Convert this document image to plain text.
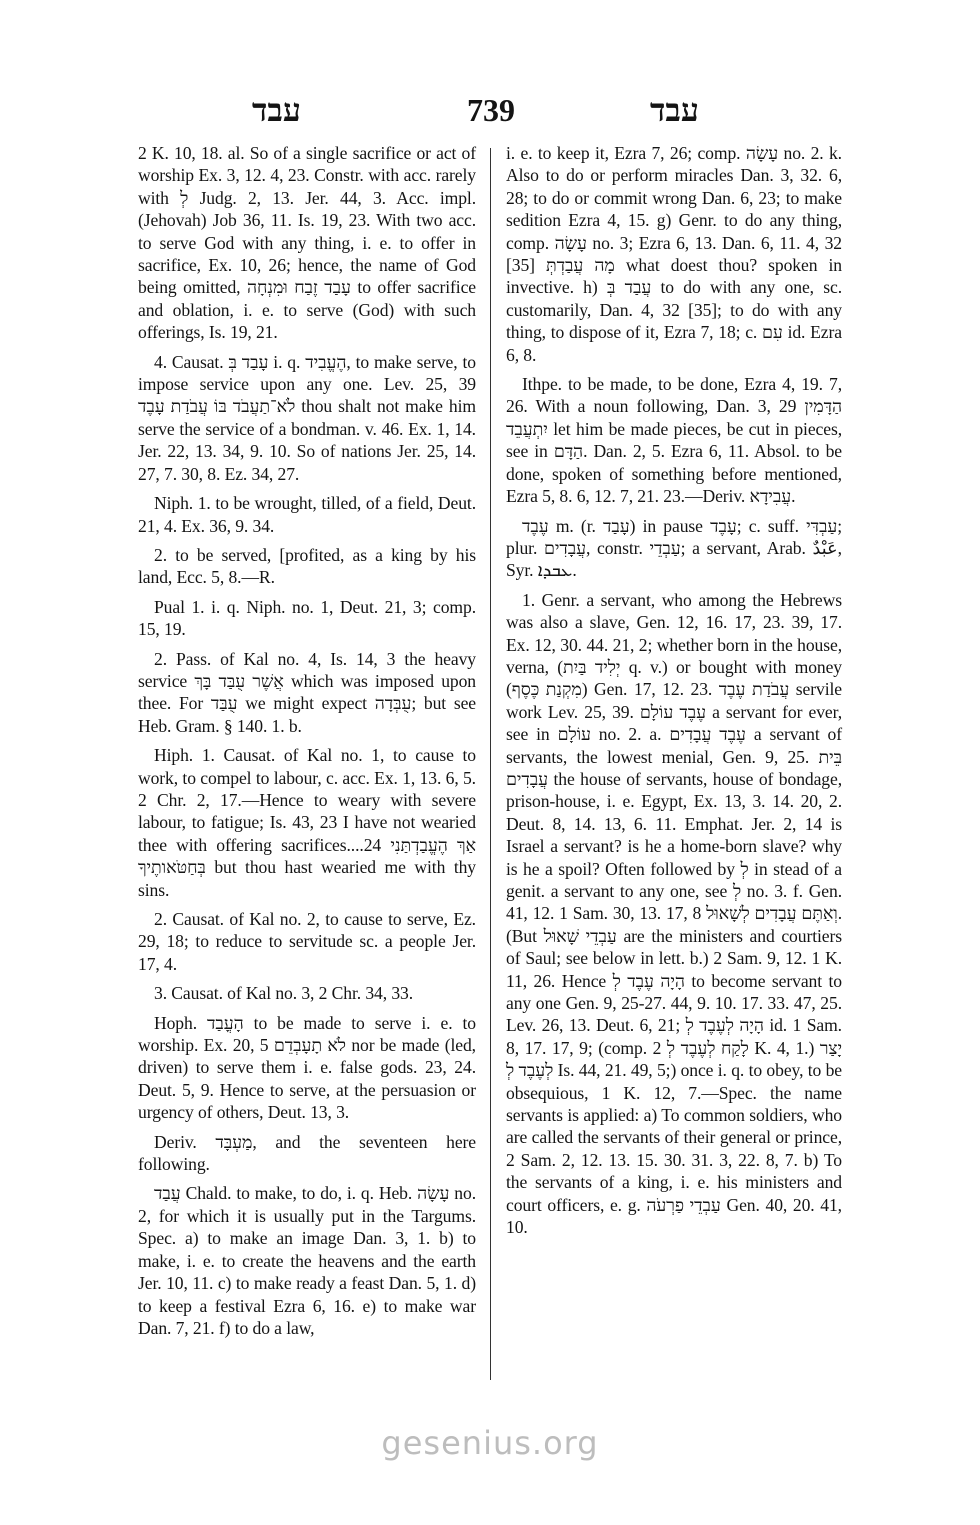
עבד	739	עבד

2 K. 10, 18. al. So of a single sacrifice or act of worship Ex. 3, 12. 4, 23. Constr. with acc. rarely with לְ Judg. 2, 13. Jer. 44, 3. Acc. impl. (Jehovah) Job 36, 11. Is. 19, 23. With two acc. to serve God with any thing, i. e. to offer in sacrifice, Ex. 10, 26; hence, the name of God being omitted, עָבַד זֶבַח וּמִנְחָה to offer sacrifice and oblation, i. e. to serve (God) with such offerings, Is. 19, 21.

4. Causat. עָבַד בְּ i. q. הֶעֱבִיד, to make serve, to impose service upon any one. Lev. 25, 39 לֹא־תַעֲבֹד בּוֹ עֲבֹדַת עָבֶד thou shalt not make him serve the service of a bondman. v. 46. Ex. 1, 14. Jer. 22, 13. 34, 9. 10. So of nations Jer. 25, 14. 27, 7. 30, 8. Ez. 34, 27.

Niph. 1. to be wrought, tilled, of a field, Deut. 21, 4. Ex. 36, 9. 34.

2. to be served, [profited, as a king by his land, Ecc. 5, 8.—R.

Pual 1. i. q. Niph. no. 1, Deut. 21, 3; comp. 15, 19.

2. Pass. of Kal no. 4, Is. 14, 3 the heavy service אֲשֶׁר עֻבַּד בָּךְ which was imposed upon thee. For עֻבַּד we might expect עֻבְּדָה; but see Heb. Gram. § 140. 1. b.

Hiph. 1. Causat. of Kal no. 1, to cause to work, to compel to labour, c. acc. Ex. 1, 13. 6, 5. 2 Chr. 2, 17.—Hence to weary with severe labour, to fatigue; Is. 43, 23 I have not wearied thee with offering sacrifices....24 אַךְ הֶעֱבַדְתַּנִי בְּחַטֹּאותֶיךָ but thou hast wearied me with thy sins.

2. Causat. of Kal no. 2, to cause to serve, Ez. 29, 18; to reduce to servitude sc. a people Jer. 17, 4.

3. Causat. of Kal no. 3, 2 Chr. 34, 33.

Hoph. הָעֳבַד to be made to serve i. e. to worship. Ex. 20, 5 לֹא תָעָבְדֵם nor be made (led, driven) to serve them i. e. false gods. 23, 24. Deut. 5, 9. Hence to serve, at the persuasion or urgency of others, Deut. 13, 3.

Deriv. מַעְבָּד, and the seventeen here following.

עֲבַד Chald. to make, to do, i. q. Heb. עָשָׂה no. 2, for which it is usually put in the Targums. Spec. a) to make an image Dan. 3, 1. b) to make, i. e. to create the heavens and the earth Jer. 10, 11. c) to make ready a feast Dan. 5, 1. d) to keep a festival Ezra 6, 16. e) to make war Dan. 7, 21. f) to do a law,

i. e. to keep it, Ezra 7, 26; comp. עָשָׂה no. 2. k. Also to do or perform miracles Dan. 3, 32. 6, 28; to do or commit wrong Dan. 6, 23; to make sedition Ezra 4, 15. g) Genr. to do any thing, comp. עָשָׂה no. 3; Ezra 6, 13. Dan. 6, 11. 4, 32 [35] מָה עֲבַדְתְּ what doest thou? spoken in invective. h) עֲבַד בְּ to do with any one, sc. customarily, Dan. 4, 32 [35]; to do with any thing, to dispose of it, Ezra 7, 18; c. עִם id. Ezra 6, 8.

Ithpe. to be made, to be done, Ezra 4, 19. 7, 26. With a noun following, Dan. 3, 29 הַדָּמִין יִתְעֲבֵד let him be made pieces, be cut in pieces, see in הַדָּם. Dan. 2, 5. Ezra 6, 11. Absol. to be done, spoken of something before mentioned, Ezra 5, 8. 6, 12. 7, 21. 23.—Deriv. עֲבִידָא.

עֶבֶד m. (r. עָבַד) in pause עָבֶד; c. suff. עַבְדִּי; plur. עֲבָדִים, constr. עַבְדֵי; a servant, Arab. عَبْدٌ, Syr. ܥܒܕܐ.

1. Genr. a servant, who among the Hebrews was also a slave, Gen. 12, 16. 17, 23. 39, 17. Ex. 12, 30. 44. 21, 2; whether born in the house, verna, (יְלִיד בַּיִת q. v.) or bought with money (מִקְנַת כֶּסֶף) Gen. 17, 12. 23. עֲבֹדַת עֶבֶד servile work Lev. 25, 39. עֶבֶד עוֹלָם a servant for ever, see in עוֹלָם no. 2. a. עֶבֶד עֲבָדִים a servant of servants, the lowest menial, Gen. 9, 25. בֵּית עֲבָדִים the house of servants, house of bondage, prison-house, i. e. Egypt, Ex. 13, 3. 14. 20, 2. Deut. 8, 14. 13, 6. 11. Emphat. Jer. 2, 14 is Israel a servant? is he a home-born slave? why is he a spoil? Often followed by לְ in stead of a genit. a servant to any one, see לְ no. 3. f. Gen. 41, 12. 1 Sam. 30, 13. 17, 8 וְאַתֶּם עֲבָדִים לְשָׁאוּל. (But עַבְדֵי שָׁאוּל are the ministers and courtiers of Saul; see below in lett. b.) 2 Sam. 9, 12. 1 K. 11, 26. Hence הָיָה עֶבֶד לְ to become servant to any one Gen. 9, 25-27. 44, 9. 10. 17. 33. 47, 25. Lev. 26, 13. Deut. 6, 21; הָיָה לְעֶבֶד לְ id. 1 Sam. 8, 17. 17, 9; (comp. לָקַח לְעֶבֶד לְ 2 K. 4, 1.) יָצַר לְעֶבֶד לְ Is. 44, 21. 49, 5;) once i. q. to obey, to be obsequious, 1 K. 12, 7.—Spec. the name servants is applied: a) To common soldiers, who are called the servants of their general or prince, 2 Sam. 2, 12. 13. 15. 30. 31. 3, 22. 8, 7. b) To the servants of a king, i. e. his ministers and court officers, e. g. עַבְדֵי פַרְעֹה Gen. 40, 20. 41, 10.

gesenius.org
